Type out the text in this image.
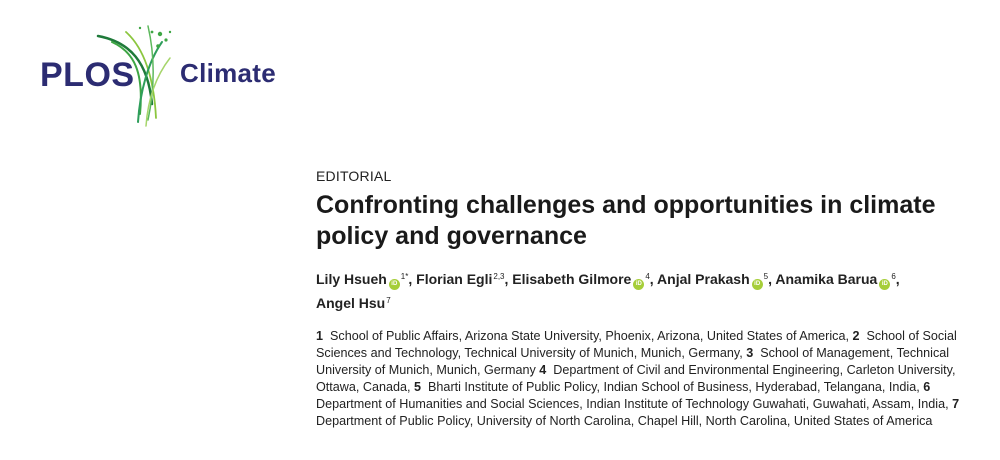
PLOS Climate
EDITORIAL
Confronting challenges and opportunities in climate policy and governance
Lily Hsueh $iD^{1*}$, Florian Egli$^{2,3}$, Elisabeth Gilmore $iD^4$, Anjal Prakash $iD^5$, Anamika Barua $iD^6$, Angel Hsu$^7$

1 School of Public Affairs, Arizona State University, Phoenix, Arizona, United States of America, 2 School of Social Sciences and Technology, Technical University of Munich, Munich, Germany, 3 School of Management, Technical University of Munich, Munich, Germany 4 Department of Civil and Environmental Engineering, Carleton University, Ottawa, Canada, 5 Bharti Institute of Public Policy, Indian School of Business, Hyderabad, Telangana, India, 6  Department of Humanities and Social Sciences, Indian Institute of Technology Guwahati, Guwahati, Assam, India, 7  Department of Public Policy, University of North Carolina, Chapel Hill, North Carolina, United States of America
